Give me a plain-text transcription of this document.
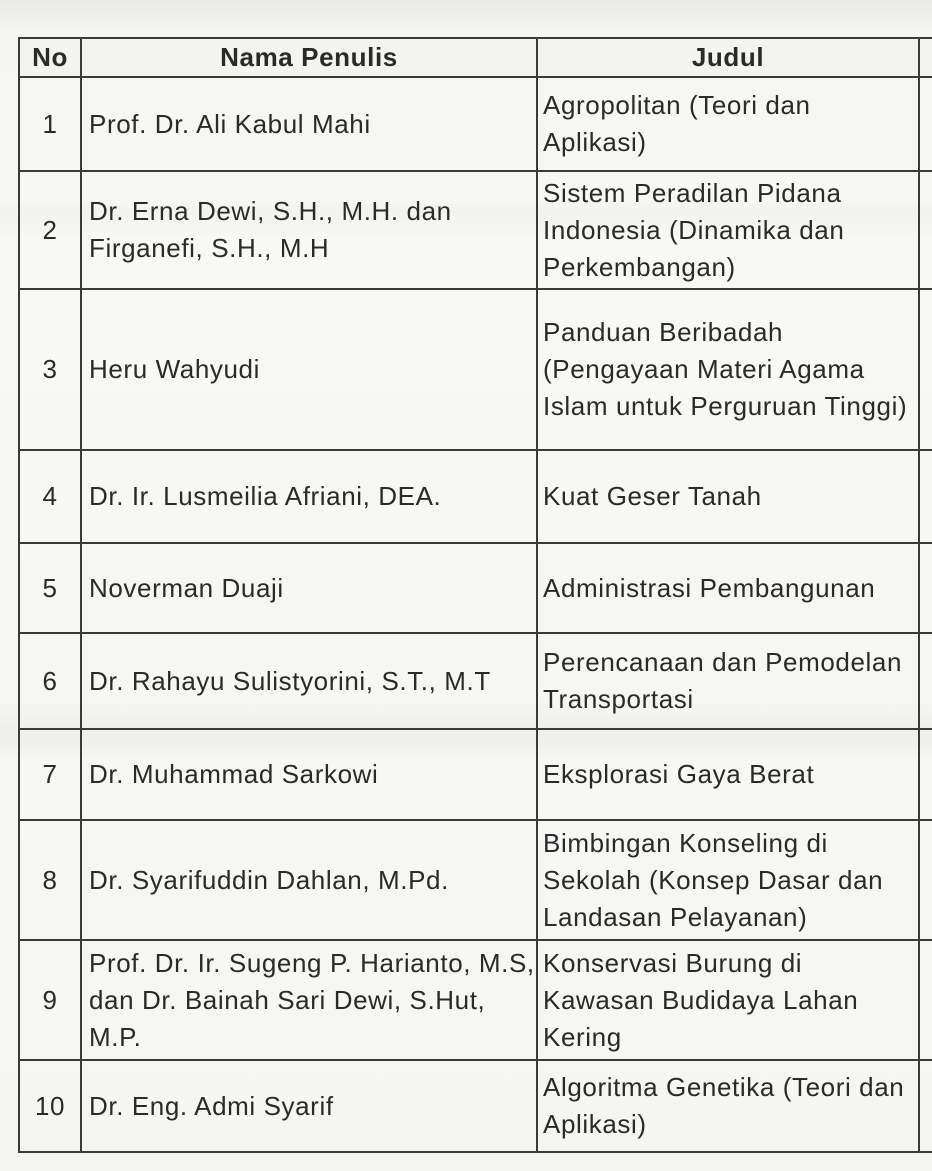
No	Nama Penulis	Judul	
1	Prof. Dr. Ali Kabul Mahi	Agropolitan (Teori dan Aplikasi)	
2	Dr. Erna Dewi, S.H., M.H. dan Firganefi, S.H., M.H	Sistem Peradilan Pidana Indonesia (Dinamika dan Perkembangan)	
3	Heru Wahyudi	Panduan Beribadah (Pengayaan Materi Agama Islam untuk Perguruan Tinggi)	
4	Dr. Ir. Lusmeilia Afriani, DEA.	Kuat Geser Tanah	
5	Noverman Duaji	Administrasi Pembangunan	
6	Dr. Rahayu Sulistyorini, S.T., M.T	Perencanaan dan Pemodelan Transportasi	
7	Dr. Muhammad Sarkowi	Eksplorasi Gaya Berat	
8	Dr. Syarifuddin Dahlan, M.Pd.	Bimbingan Konseling di Sekolah (Konsep Dasar dan Landasan Pelayanan)	
9	Prof. Dr. Ir. Sugeng P. Harianto, M.S, dan Dr. Bainah Sari Dewi, S.Hut, M.P.	Konservasi Burung di Kawasan Budidaya Lahan Kering	
10	Dr. Eng. Admi Syarif	Algoritma Genetika (Teori dan Aplikasi)	
